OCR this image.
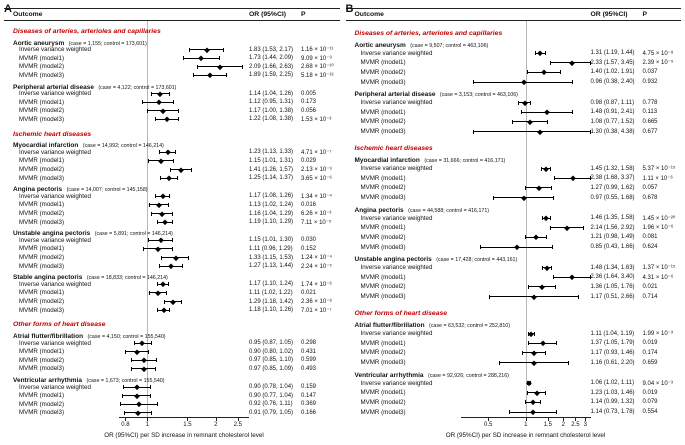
A Outcome	OR (95%CI)	P
Diseases of arteries, arterioles and capillaries
Aortic aneurysm (case = 1,155; control = 173,601)
Inverse variance weighted	1.83 (1.53, 2.17)	1.16 × 10⁻¹¹
MVMR (model1)	1.73 (1.44, 2.09)	9.09 × 10⁻⁹
MVMR (model2)	2.09 (1.66, 2.63)	2.68 × 10⁻¹⁰
MVMR (model3)	1.89 (1.59, 2.25)	5.18 × 10⁻¹³
Peripheral arterial disease (case = 4,122; control = 173,601)
Inverse variance weighted	1.14 (1.04, 1.26)	0.005
MVMR (model1)	1.12 (0.95, 1.31)	0.173
MVMR (model2)	1.17 (1.00, 1.38)	0.056
MVMR (model3)	1.22 (1.08, 1.38)	1.53 × 10⁻³
Ischemic heart diseases
Myocardial infarction (case = 14,992; control = 146,214)
Inverse variance weighted	1.23 (1.13, 1.33)	4.71 × 10⁻⁷
MVMR (model1)	1.15 (1.01, 1.31)	0.029
MVMR (model2)	1.41 (1.26, 1.57)	2.13 × 10⁻⁹
MVMR (model3)	1.25 (1.14, 1.37)	3.65 × 10⁻⁶
Angina pectoris (case = 14,007; control = 145,158)
Inverse variance weighted	1.17 (1.08, 1.26)	1.34 × 10⁻⁴
MVMR (model1)	1.13 (1.02, 1.24)	0.016
MVMR (model2)	1.16 (1.04, 1.29)	6.26 × 10⁻³
MVMR (model3)	1.19 (1.10, 1.29)	7.11 × 10⁻⁵
Unstable angina pectoris (case = 5,891; control = 146,214)
Inverse variance weighted	1.15 (1.01, 1.30)	0.030
MVMR (model1)	1.11 (0.96, 1.29)	0.152
MVMR (model2)	1.33 (1.15, 1.53)	1.24 × 10⁻⁴
MVMR (model3)	1.27 (1.13, 1.44)	2.24 × 10⁻⁵
Stable angina pectoris (case = 18,833; control = 146,214)
Inverse variance weighted	1.17 (1.10, 1.24)	1.74 × 10⁻⁶
MVMR (model1)	1.11 (1.02, 1.22)	0.021
MVMR (model2)	1.29 (1.18, 1.42)	2.36 × 10⁻⁸
MVMR (model3)	1.18 (1.10, 1.26)	7.01 × 10⁻⁷
Other forms of heart disease
Atrial flutter/fibrillation (case = 4,150; control = 155,540)
Inverse variance weighted	0.95 (0.87, 1.05)	0.298
MVMR (model1)	0.90 (0.80, 1.02)	0.431
MVMR (model2)	0.97 (0.85, 1.10)	0.599
MVMR (model3)	0.97 (0.85, 1.09)	0.493
Ventricular arrhythmia (case = 1,673; control = 155,540)
Inverse variance weighted	0.90 (0.78, 1.04)	0.159
MVMR (model1)	0.90 (0.77, 1.04)	0.147
MVMR (model2)	0.92 (0.76, 1.11)	0.369
MVMR (model3)	0.91 (0.79, 1.05)	0.166
0.8	1	1.5	2	2.5
OR (95%CI) per SD increase in remnant cholesterol level
B Outcome	OR (95%CI)	P
Diseases of arteries, arterioles and capillaries
Aortic aneurysm (case = 9,507; control = 463,106)
Inverse variance weighted	1.31 (1.19, 1.44)	4.75 × 10⁻⁸
MVMR (model1)	2.33 (1.57, 3.45)	2.39 × 10⁻⁵
MVMR (model2)	1.40 (1.02, 1.91)	0.037
MVMR (model3)	0.96 (0.38, 2.40)	0.932
Peripheral arterial disease (case = 3,153; control = 463,106)
Inverse variance weighted	0.98 (0.87, 1.11)	0.778
MVMR (model1)	1.48 (0.91, 2.41)	0.113
MVMR (model2)	1.08 (0.77, 1.52)	0.665
MVMR (model3)	1.30 (0.38, 4.38)	0.677
Ischemic heart diseases
Myocardial infarction (case = 31,666; control = 416,171)
Inverse variance weighted	1.45 (1.32, 1.58)	5.37 × 10⁻¹⁵
MVMR (model1)	2.38 (1.68, 3.37)	1.11 × 10⁻⁶
MVMR (model2)	1.27 (0.99, 1.62)	0.057
MVMR (model3)	0.97 (0.55, 1.68)	0.678
Angina pectoris (case = 44,588; control = 416,171)
Inverse variance weighted	1.46 (1.35, 1.58)	1.45 × 10⁻²⁰
MVMR (model1)	2.14 (1.56, 2.92)	1.96 × 10⁻⁶
MVMR (model2)	1.21 (0.98, 1.49)	0.081
MVMR (model3)	0.85 (0.43, 1.66)	0.624
Unstable angina pectoris (case = 17,428; control = 443,161)
Inverse variance weighted	1.48 (1.34, 1.63)	1.37 × 10⁻¹⁵
MVMR (model1)	2.36 (1.64, 3.40)	4.31 × 10⁻⁶
MVMR (model2)	1.36 (1.05, 1.76)	0.021
MVMR (model3)	1.17 (0.51, 2.66)	0.714
Other forms of heart disease
Atrial flutter/fibrillation (case = 63,532; control = 252,810)
Inverse variance weighted	1.11 (1.04, 1.19)	1.99 × 10⁻³
MVMR (model1)	1.37 (1.05, 1.79)	0.019
MVMR (model2)	1.17 (0.93, 1.46)	0.174
MVMR (model3)	1.16 (0.61, 2.20)	0.659
Ventricular arrhythmia (case = 92,926; control = 288,216)
Inverse variance weighted	1.06 (1.02, 1.11)	9.04 × 10⁻³
MVMR (model1)	1.23 (1.03, 1.46)	0.019
MVMR (model2)	1.14 (0.99, 1.32)	0.079
MVMR (model3)	1.14 (0.73, 1.78)	0.554
0.5	1	1.5 2 2.5 3
OR (95%CI) per SD increase in remnant cholesterol level
